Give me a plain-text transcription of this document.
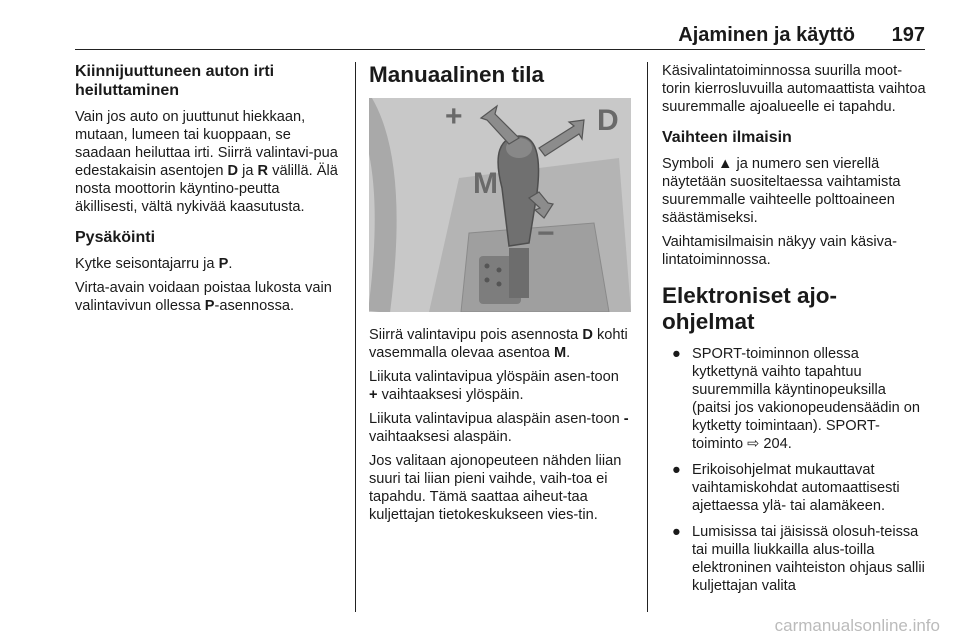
Ajaminen ja käyttö 197
Kiinnijuuttuneen auton irti heiluttaminen

Vain jos auto on juuttunut hiekkaan, mutaan, lumeen tai kuoppaan, se saadaan heiluttaa irti. Siirrä valintavi-pua edestakaisin asentojen D ja R välillä. Älä nosta moottorin käyntino-peutta äkillisesti, vältä nykivää kaasutusta.

Pysäköinti

Kytke seisontajarru ja P.

Virta-avain voidaan poistaa lukosta vain valintavivun ollessa P-asennossa.

Manuaalinen tila
+	D
M
−

Siirrä valintavipu pois asennosta D kohti vasemmalla olevaa asentoa M.

Liikuta valintavipua ylöspäin asen-toon + vaihtaaksesi ylöspäin.

Liikuta valintavipua alaspäin asen-toon - vaihtaaksesi alaspäin.

Jos valitaan ajonopeuteen nähden liian suuri tai liian pieni vaihde, vaih-toa ei tapahdu. Tämä saattaa aiheut-taa kuljettajan tietokeskukseen vies-tin.

Käsivalintatoiminnossa suurilla moot-torin kierrosluvuilla automaattista vaihtoa suuremmalle ajoalueelle ei tapahdu.

Vaihteen ilmaisin

Symboli ▲ ja numero sen vierellä näytetään suositeltaessa vaihtamista suuremmalle vaihteelle polttoaineen säästämiseksi.

Vaihtamisilmaisin näkyy vain käsiva-lintatoiminnossa.

Elektroniset ajo-ohjelmat
● SPORT-toiminnon ollessa kytkettynä vaihto tapahtuu suuremmilla käyntinopeuksilla (paitsi jos vakionopeudensäädin on kytketty toimintaan). SPORT-toiminto ⇨ 204.
● Erikoisohjelmat mukauttavat vaihtamiskohdat automaattisesti ajettaessa ylä- tai alamäkeen.
● Lumisissa tai jäisissä olosuh-teissa tai muilla liukkailla alus-toilla elektroninen vaihteiston ohjaus sallii kuljettajan valita
carmanualsonline.info
